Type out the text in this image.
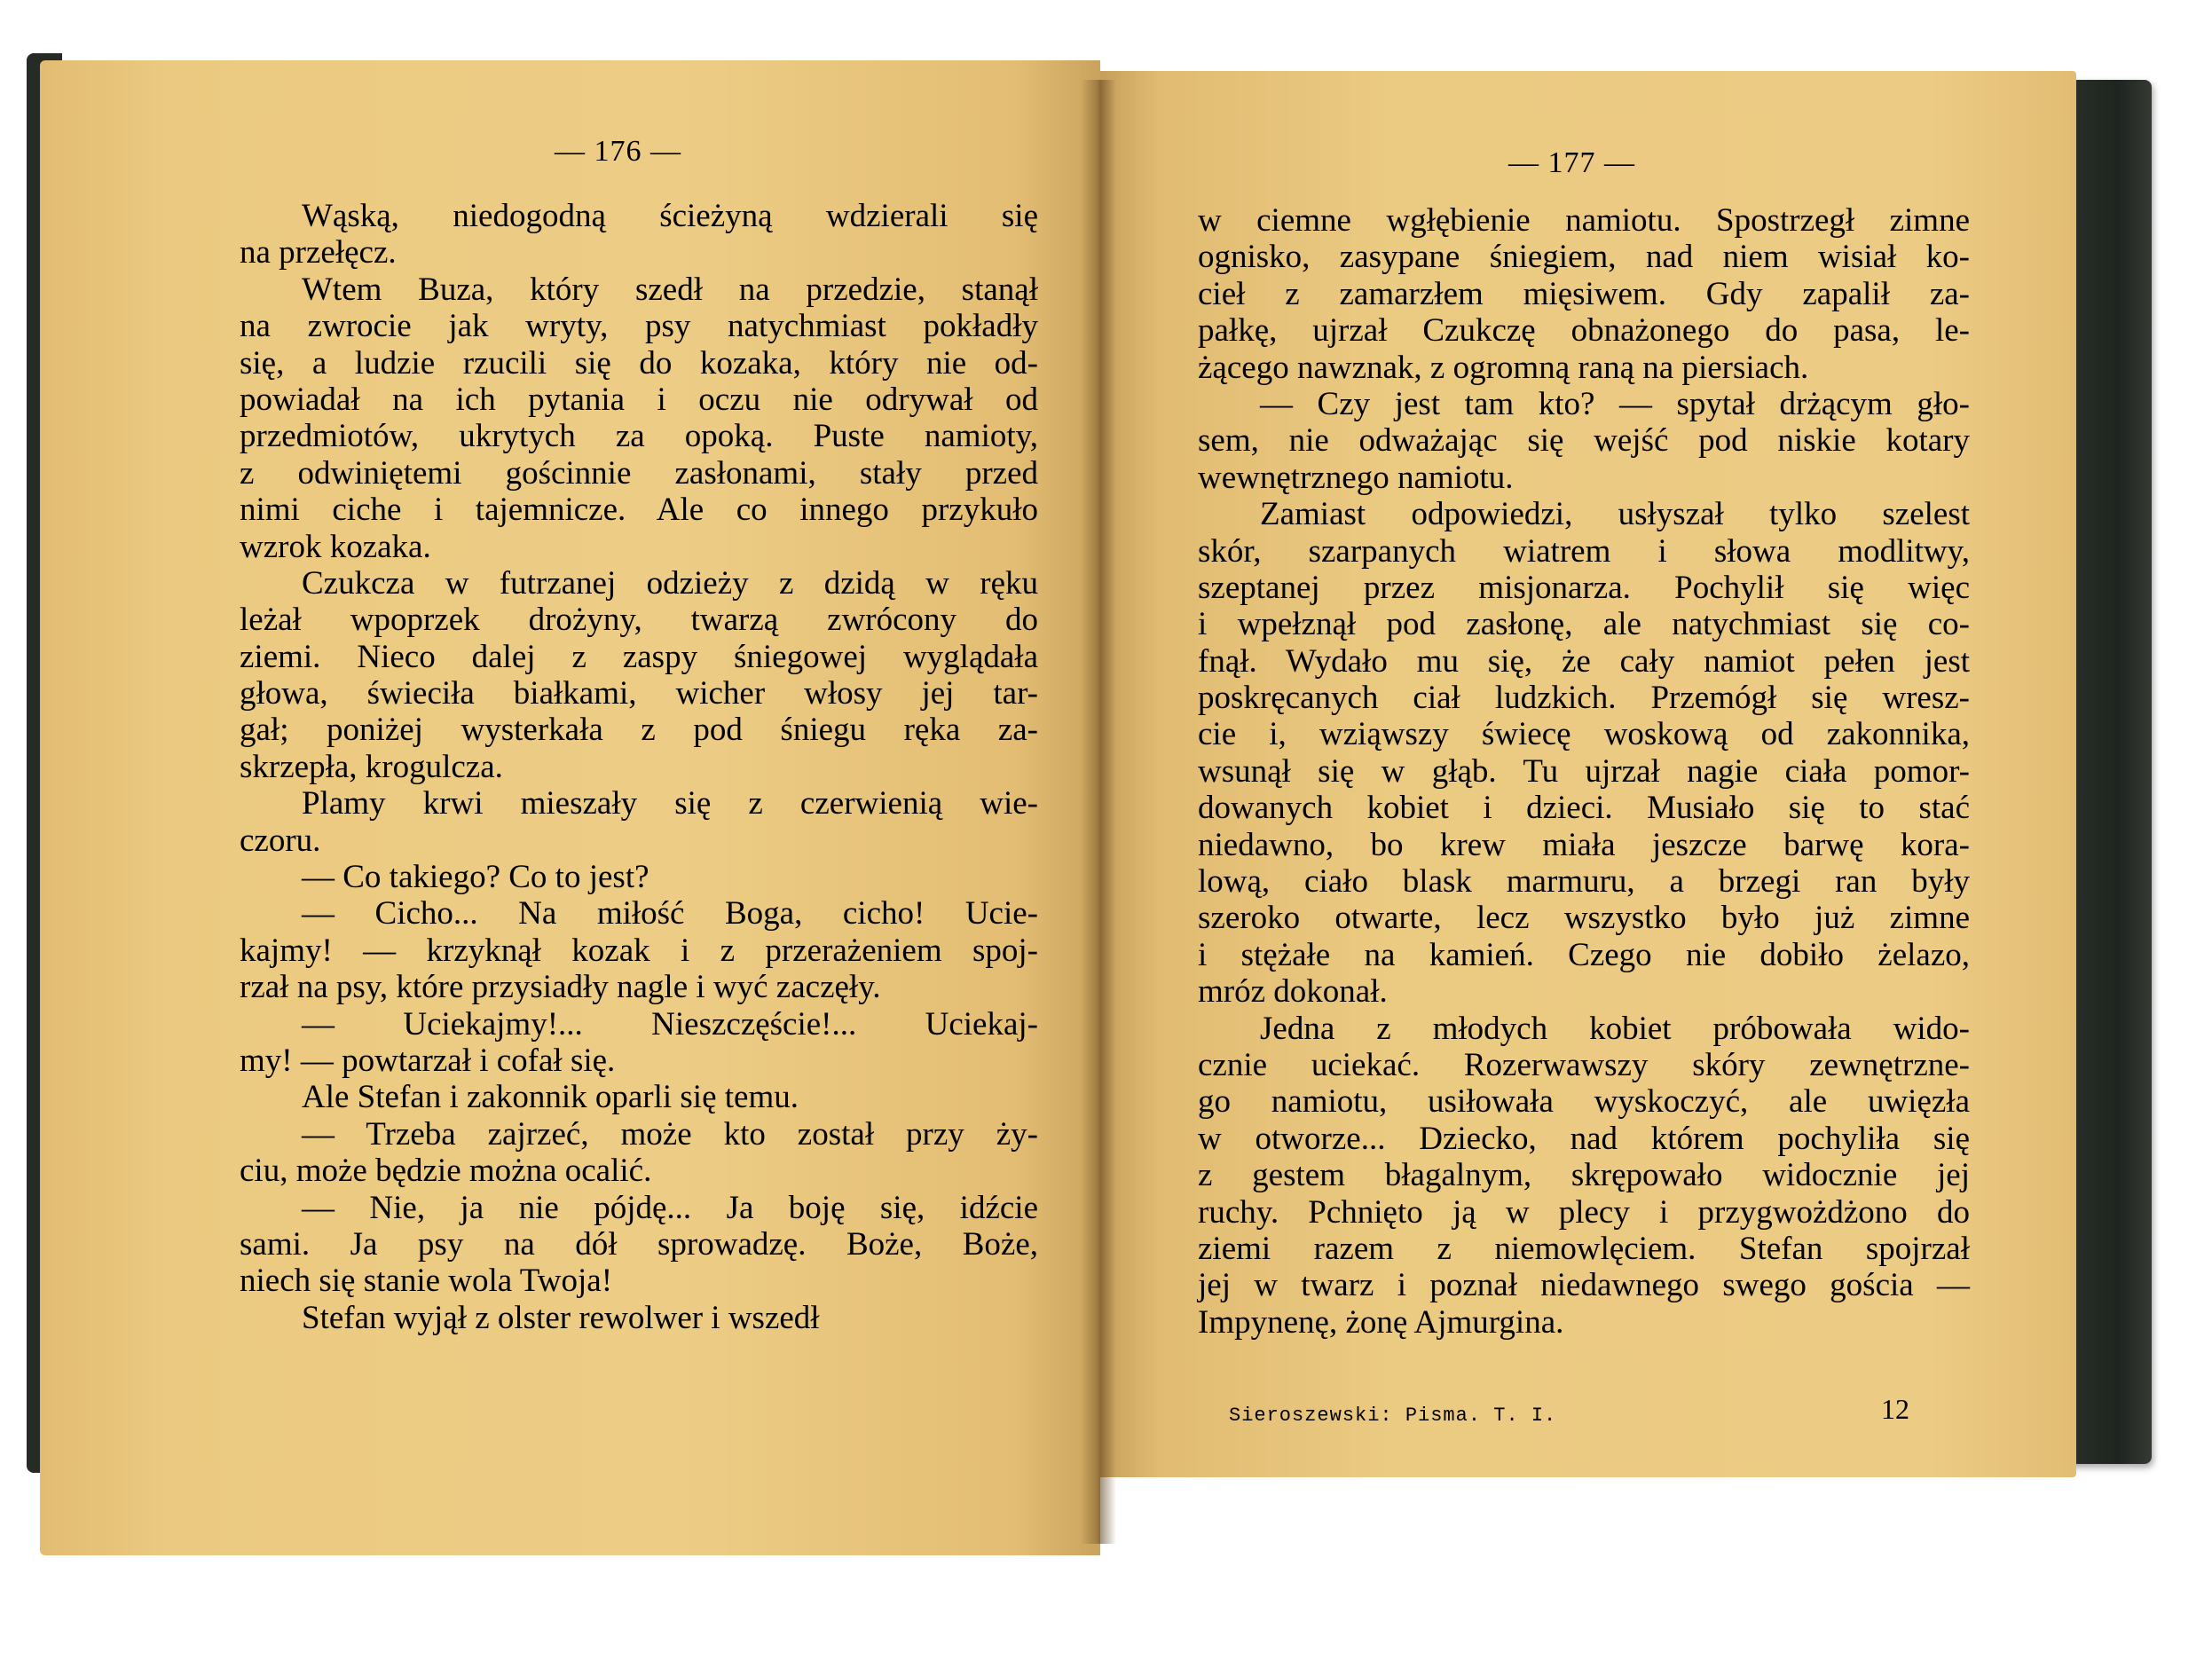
— 176 —	— 177 —
Wąską, niedogodną ścieżyną wdzierali się
na przełęcz.
Wtem Buza, który szedł na przedzie, stanął
na zwrocie jak wryty, psy natychmiast pokładły
się, a ludzie rzucili się do kozaka, który nie od-
powiadał na ich pytania i oczu nie odrywał od
przedmiotów, ukrytych za opoką. Puste namioty,
z odwiniętemi gościnnie zasłonami, stały przed
nimi ciche i tajemnicze. Ale co innego przykuło
wzrok kozaka.
Czukcza w futrzanej odzieży z dzidą w ręku
leżał wpoprzek drożyny, twarzą zwrócony do
ziemi. Nieco dalej z zaspy śniegowej wyglądała
głowa, świeciła białkami, wicher włosy jej tar-
gał; poniżej wysterkała z pod śniegu ręka za-
skrzepła, krogulcza.
Plamy krwi mieszały się z czerwienią wie-
czoru.
— Co takiego? Co to jest?
— Cicho... Na miłość Boga, cicho! Ucie-
kajmy! — krzyknął kozak i z przerażeniem spoj-
rzał na psy, które przysiadły nagle i wyć zaczęły.
— Uciekajmy!... Nieszczęście!... Uciekaj-
my! — powtarzał i cofał się.
Ale Stefan i zakonnik oparli się temu.
— Trzeba zajrzeć, może kto został przy ży-
ciu, może będzie można ocalić.
— Nie, ja nie pójdę... Ja boję się, idźcie
sami. Ja psy na dół sprowadzę. Boże, Boże,
niech się stanie wola Twoja!
Stefan wyjął z olster rewolwer i wszedł
w ciemne wgłębienie namiotu. Spostrzegł zimne
ognisko, zasypane śniegiem, nad niem wisiał ko-
cieł z zamarzłem mięsiwem. Gdy zapalił za-
pałkę, ujrzał Czukczę obnażonego do pasa, le-
żącego nawznak, z ogromną raną na piersiach.
— Czy jest tam kto? — spytał drżącym gło-
sem, nie odważając się wejść pod niskie kotary
wewnętrznego namiotu.
Zamiast odpowiedzi, usłyszał tylko szelest
skór, szarpanych wiatrem i słowa modlitwy,
szeptanej przez misjonarza. Pochylił się więc
i wpełznął pod zasłonę, ale natychmiast się co-
fnął. Wydało mu się, że cały namiot pełen jest
poskręcanych ciał ludzkich. Przemógł się wresz-
cie i, wziąwszy świecę woskową od zakonnika,
wsunął się w głąb. Tu ujrzał nagie ciała pomor-
dowanych kobiet i dzieci. Musiało się to stać
niedawno, bo krew miała jeszcze barwę kora-
lową, ciało blask marmuru, a brzegi ran były
szeroko otwarte, lecz wszystko było już zimne
i stężałe na kamień. Czego nie dobiło żelazo,
mróz dokonał.
Jedna z młodych kobiet próbowała wido-
cznie uciekać. Rozerwawszy skóry zewnętrzne-
go namiotu, usiłowała wyskoczyć, ale uwięzła
w otworze... Dziecko, nad którem pochyliła się
z gestem błagalnym, skrępowało widocznie jej
ruchy. Pchnięto ją w plecy i przygwożdżono do
ziemi razem z niemowlęciem. Stefan spojrzał
jej w twarz i poznał niedawnego swego gościa —
Impynenę, żonę Ajmurgina.
Sieroszewski: Pisma. T. I.	12
